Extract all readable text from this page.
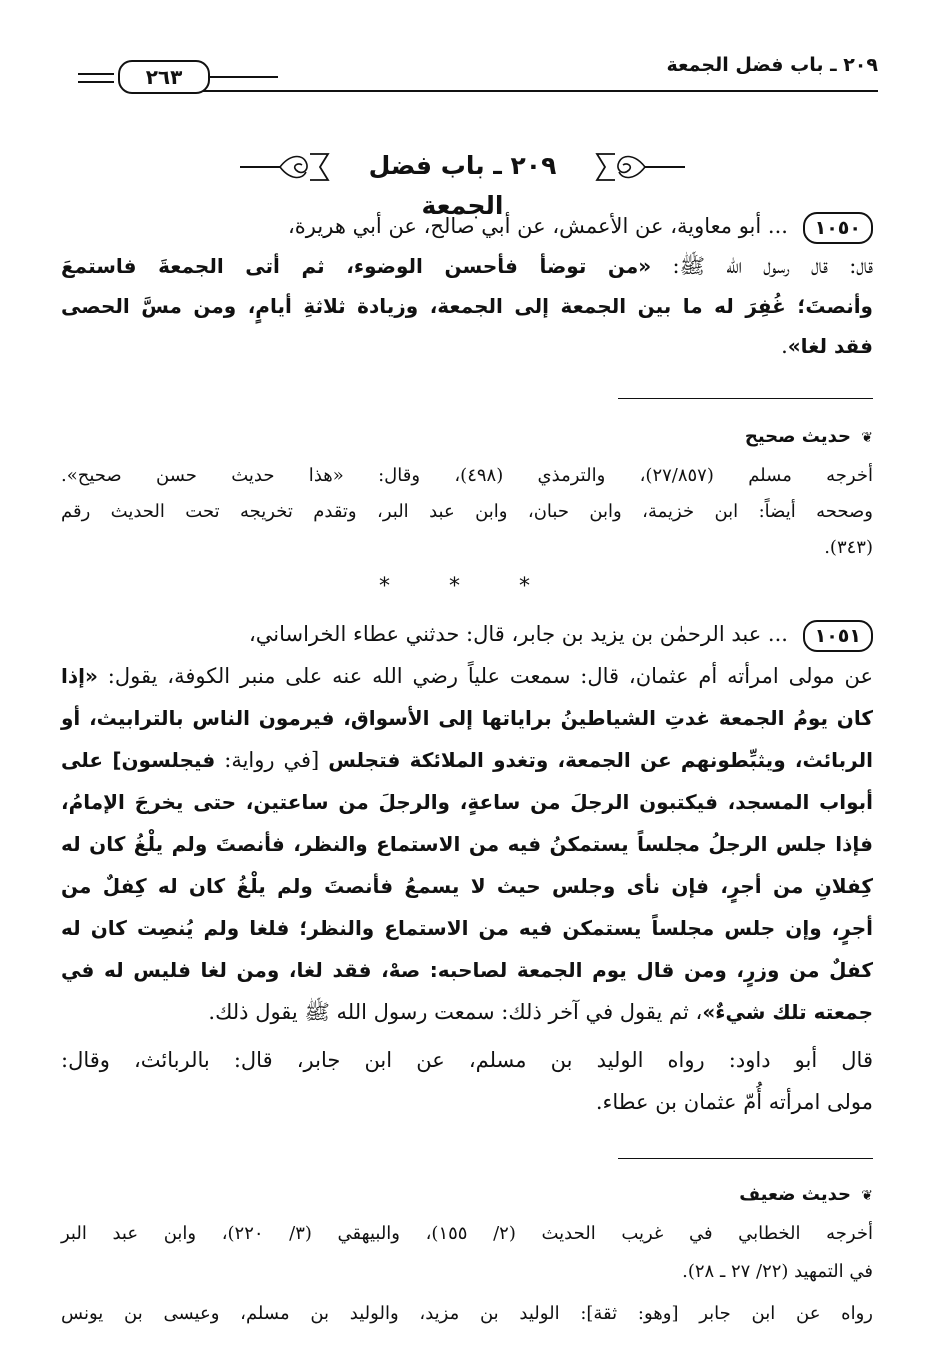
٢٠٩ ـ باب فضل الجمعة
٢٦٣
٢٠٩ ـ باب فضل الجمعة
١٠٥٠ ... أبو معاوية، عن الأعمش، عن أبي صالح، عن أبي هريرة،
قال: قال رسول الله ﷺ: «من توضأ فأحسن الوضوء، ثم أتى الجمعةَ فاستمعَ
وأنصتَ؛ غُفِرَ له ما بين الجمعة إلى الجمعة، وزيادة ثلاثةِ أيامٍ، ومن مسَّ الحصى
فقد لغا».
❦ حديث صحيح
أخرجه مسلم (٢٧/٨٥٧)، والترمذي (٤٩٨)، وقال: «هذا حديث حسن صحيح».
وصححه أيضاً: ابن خزيمة، وابن حبان، وابن عبد البر، وتقدم تخريجه تحت الحديث رقم
(٣٤٣).
* * *
١٠٥١ ... عبد الرحمٰن بن يزيد بن جابر، قال: حدثني عطاء الخراساني،
عن مولى امرأته أم عثمان، قال: سمعت علياً رضي الله عنه على منبر الكوفة، يقول: «إذا
كان يومُ الجمعة غدتِ الشياطينُ براياتها إلى الأسواق، فيرمون الناس بالترابيث، أو
الربائث، ويثبِّطونهم عن الجمعة، وتغدو الملائكة فتجلس [في رواية: فيجلسون] على
أبواب المسجد، فيكتبون الرجلَ من ساعةٍ، والرجلَ من ساعتين، حتى يخرجَ الإمامُ،
فإذا جلس الرجلُ مجلساً يستمكنُ فيه من الاستماع والنظر، فأنصتَ ولم يلْغُ كان له
كِفلانِ من أجرٍ، فإن نأى وجلس حيث لا يسمعُ فأنصتَ ولم يلْغُ كان له كِفلٌ من
أجرٍ، وإن جلس مجلساً يستمكن فيه من الاستماع والنظر؛ فلغا ولم يُنصِت كان له
كفلٌ من وزرٍ، ومن قال يوم الجمعة لصاحبه: صهْ، فقد لغا، ومن لغا فليس له في
جمعته تلك شيءٌ»، ثم يقول في آخر ذلك: سمعت رسول الله ﷺ يقول ذلك.
قال أبو داود: رواه الوليد بن مسلم، عن ابن جابر، قال: بالربائث، وقال:
مولى امرأته أُمّ عثمان بن عطاء.
❦ حديث ضعيف
أخرجه الخطابي في غريب الحديث (٢/ ١٥٥)، والبيهقي (٣/ ٢٢٠)، وابن عبد البر
في التمهيد (٢٢/ ٢٧ ـ ٢٨).
رواه عن ابن جابر [وهو: ثقة]: الوليد بن مزيد، والوليد بن مسلم، وعيسى بن يونس
